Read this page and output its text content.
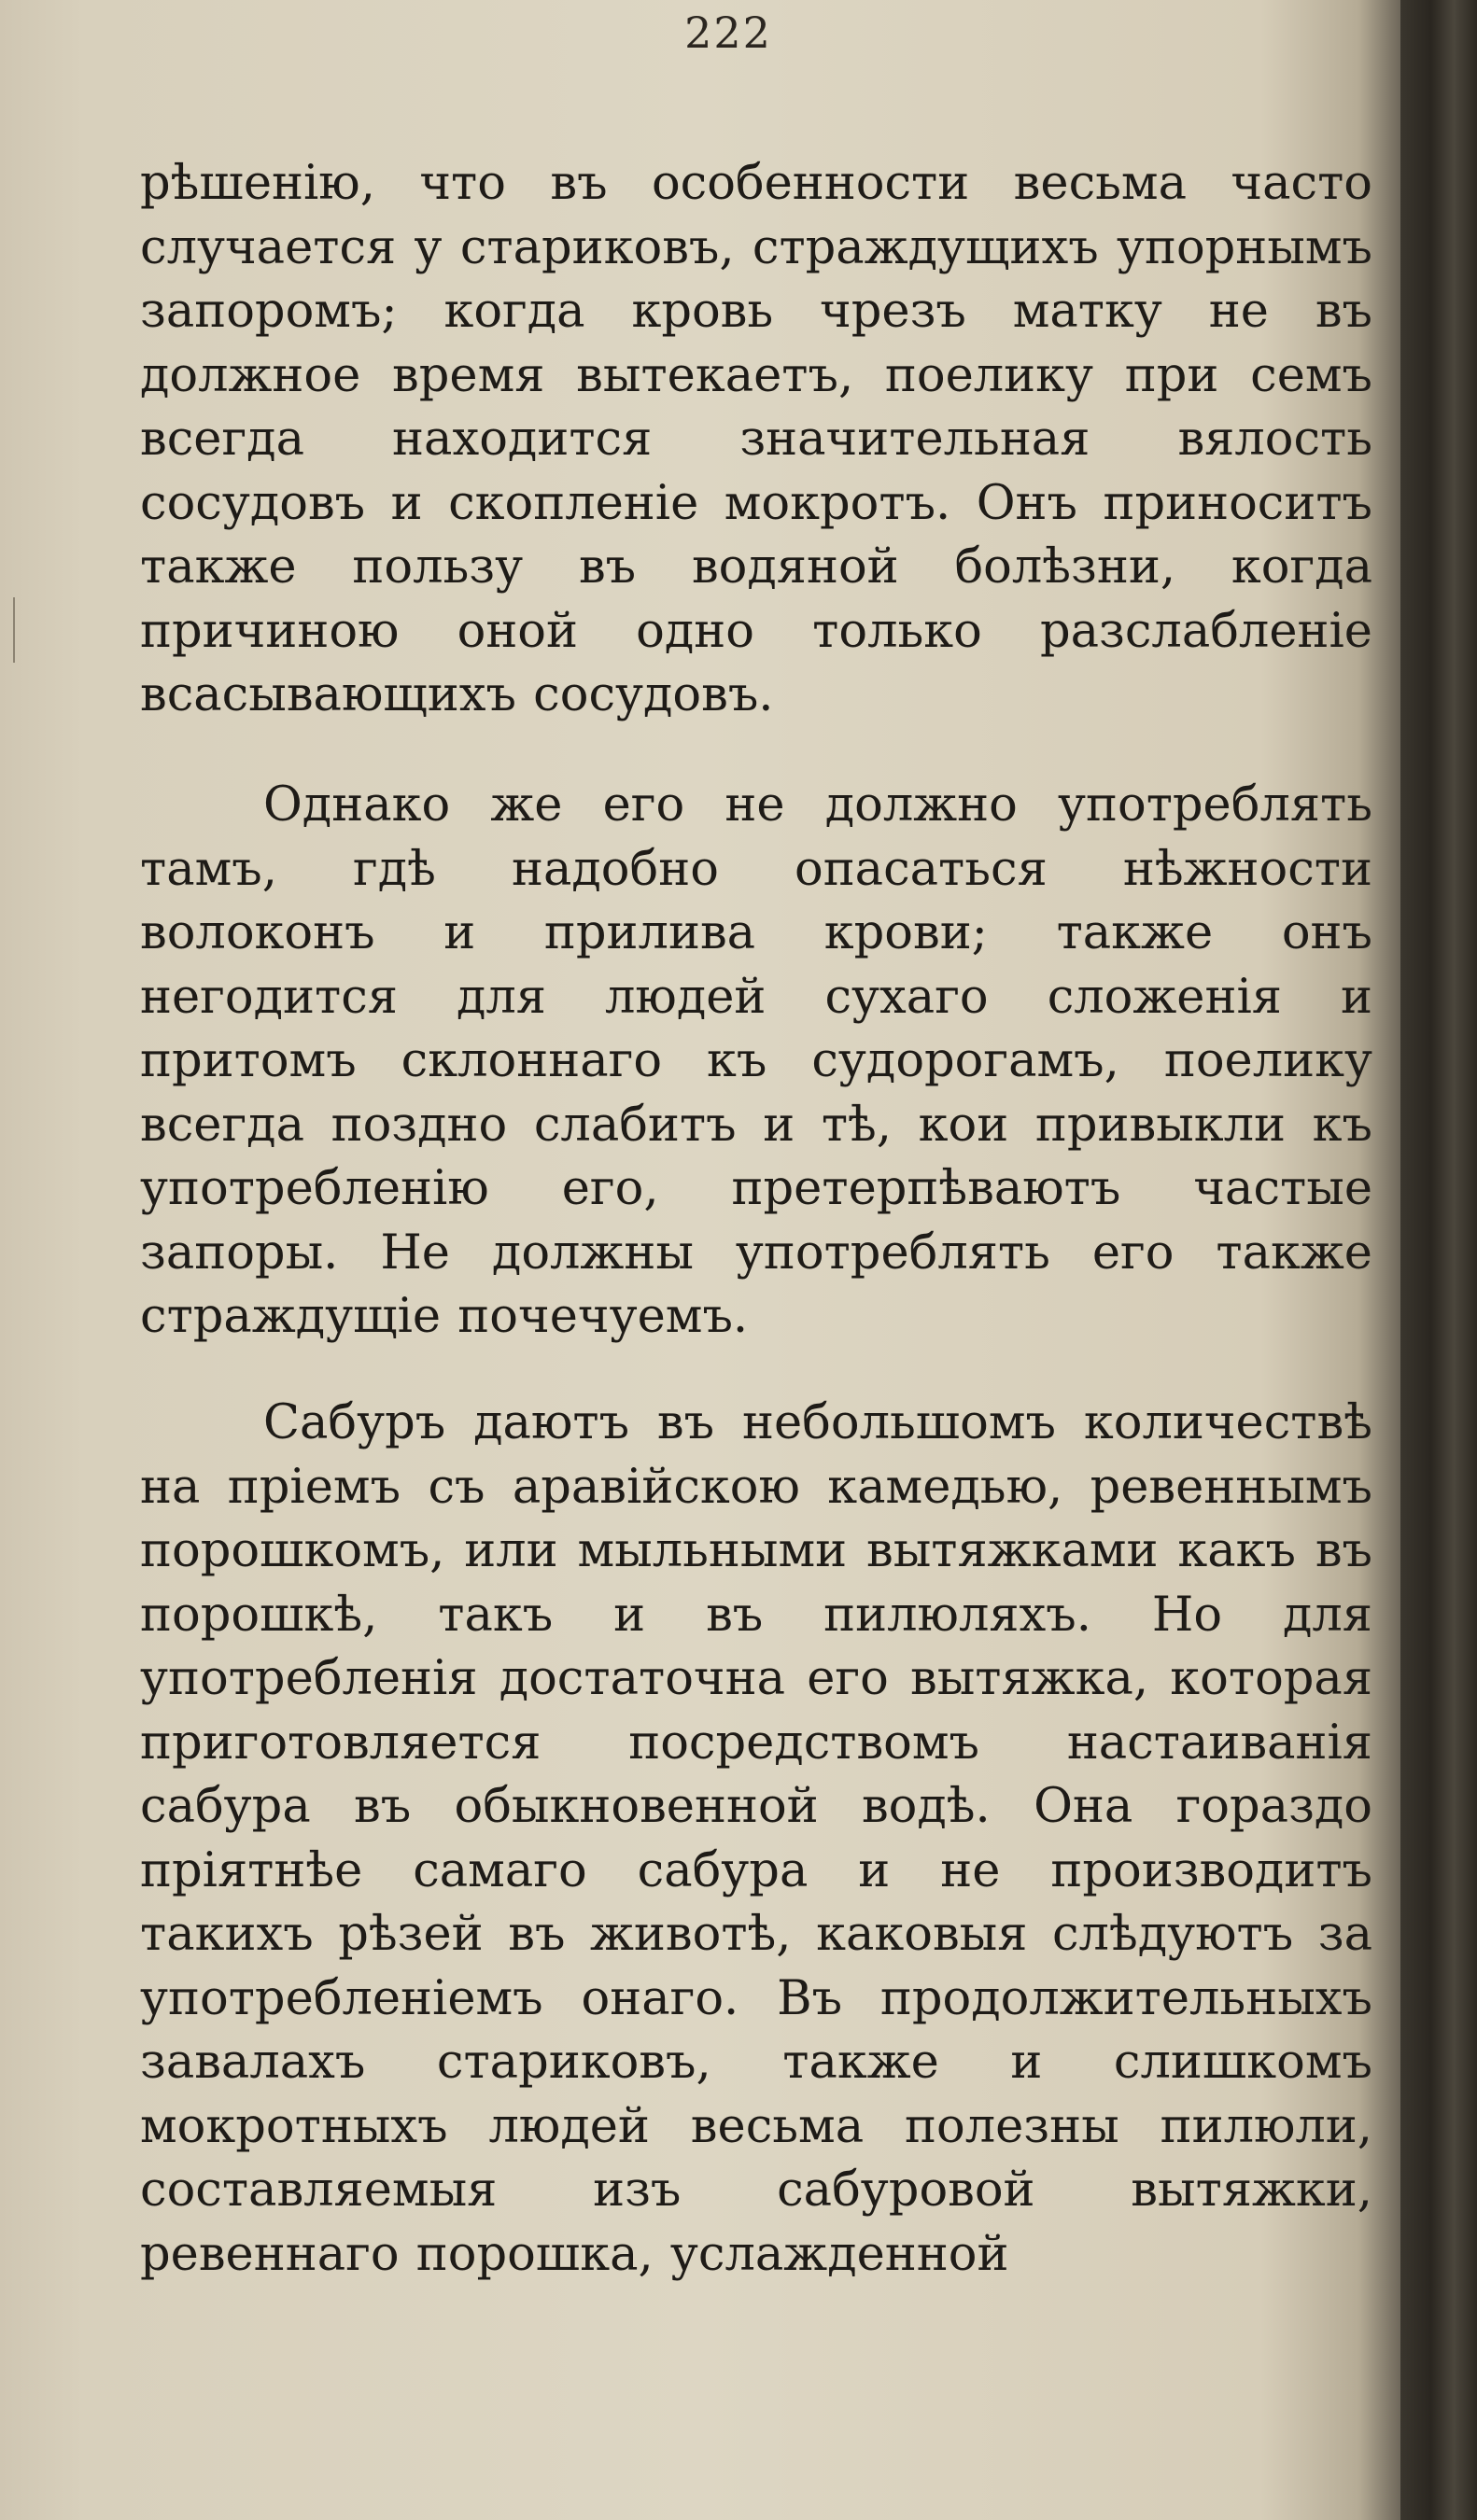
222

рѣшенію, что въ особенности весьма часто случается у стариковъ, страждущихъ упорнымъ запоромъ; когда кровь чрезъ матку не въ должное время вытекаетъ, поелику при семъ всегда находится значительная вялость сосудовъ и скопленіе мокротъ. Онъ приноситъ также пользу въ водяной болѣзни, когда причиною оной одно только разслабленіе всасывающихъ сосудовъ.

Однако же его не должно употреблять тамъ, гдѣ надобно опасаться нѣжности волоконъ и прилива крови; также онъ негодится для людей сухаго сложенія и притомъ склоннаго къ судорогамъ, поелику всегда поздно слабитъ и тѣ, кои привыкли къ употребленію его, претерпѣваютъ частые запоры. Не должны употреблять его также страждущіе почечуемъ.

Сабуръ даютъ въ небольшомъ количествѣ на пріемъ съ аравійскою камедью, ревеннымъ порошкомъ, или мыльными вытяжками какъ въ порошкѣ, такъ и въ пилюляхъ. Но для употребленія достаточна его вытяжка, которая приготовляется посредствомъ настаиванія сабура въ обыкновенной водѣ. Она гораздо пріятнѣе самаго сабура и не производитъ такихъ рѣзей въ животѣ, каковыя слѣдуютъ за употребленіемъ онаго. Въ продолжительныхъ завалахъ стариковъ, также и слишкомъ мокротныхъ людей весьма полезны пилюли, составляемыя изъ сабуровой вытяжки, ревеннаго порошка, услажденной
